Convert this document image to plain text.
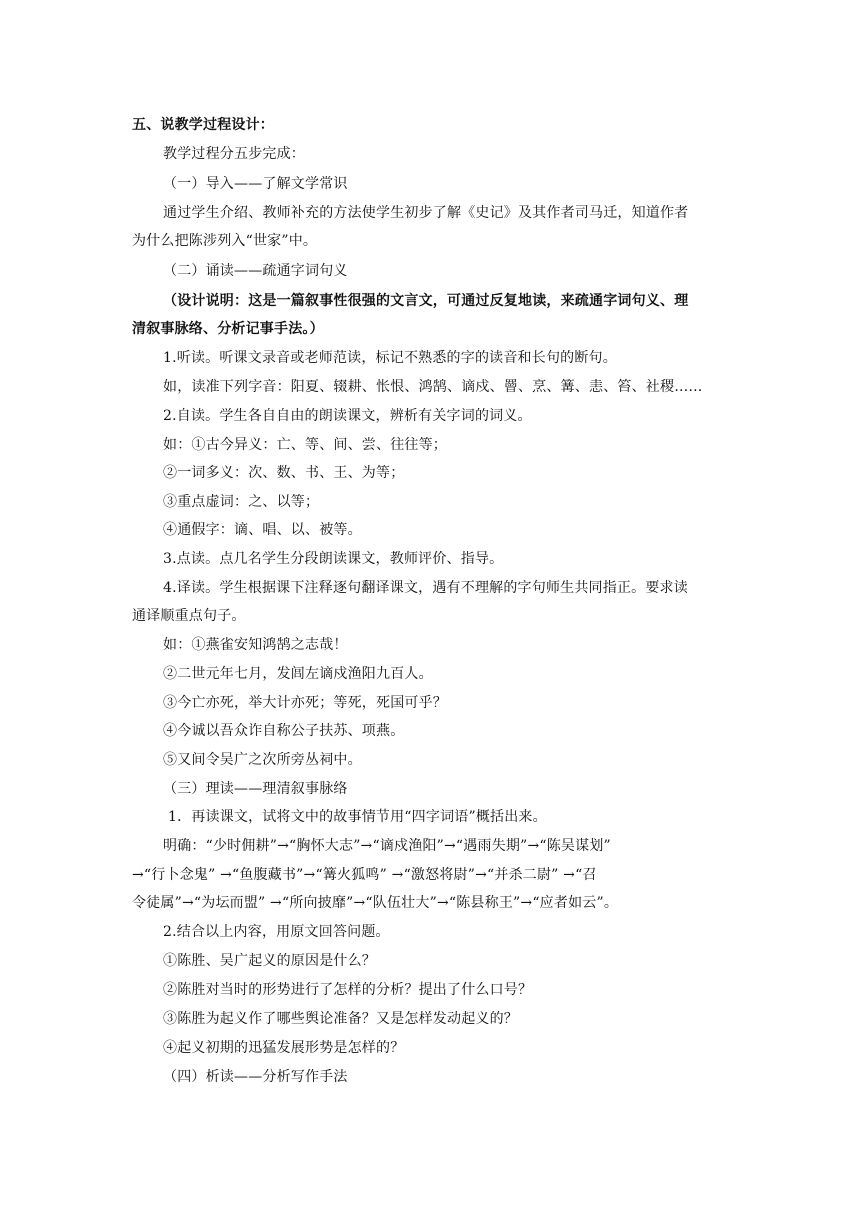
五、说教学过程设计：
教学过程分五步完成：
（一）导入——了解文学常识
通过学生介绍、教师补充的方法使学生初步了解《史记》及其作者司马迁，知道作者
为什么把陈涉列入“世家”中。
（二）诵读——疏通字词句义
（设计说明：这是一篇叙事性很强的文言文，可通过反复地读，来疏通字词句义、理
清叙事脉络、分析记事手法。）
1.听读。听课文录音或老师范读，标记不熟悉的字的读音和长句的断句。
如，读准下列字音：阳夏、辍耕、怅恨、鸿鹄、谪戍、罾、烹、篝、恚、笞、社稷……
2.自读。学生各自自由的朗读课文，辨析有关字词的词义。
如：①古今异义：亡、等、间、尝、往往等；
②一词多义：次、数、书、王、为等；
③重点虚词：之、以等；
④通假字：谪、唱、以、被等。
3.点读。点几名学生分段朗读课文，教师评价、指导。
4.译读。学生根据课下注释逐句翻译课文，遇有不理解的字句师生共同指正。要求读
通译顺重点句子。
如：①燕雀安知鸿鹄之志哉！
②二世元年七月，发闾左谪戍渔阳九百人。
③今亡亦死，举大计亦死；等死，死国可乎？
④今诚以吾众诈自称公子扶苏、项燕。
⑤又间令吴广之次所旁丛祠中。
（三）理读——理清叙事脉络
1．再读课文，试将文中的故事情节用“四字词语”概括出来。
明确：“少时佣耕”→“胸怀大志”→“谪戍渔阳”→“遇雨失期”→“陈吴谋划”
→“行卜念鬼” →“鱼腹藏书”→“篝火狐鸣” →“激怒将尉”→“并杀二尉” →“召
令徒属”→“为坛而盟” →“所向披靡”→“队伍壮大”→“陈县称王”→“应者如云”。
2.结合以上内容，用原文回答问题。
①陈胜、吴广起义的原因是什么？
②陈胜对当时的形势进行了怎样的分析？提出了什么口号？
③陈胜为起义作了哪些舆论准备？又是怎样发动起义的？
④起义初期的迅猛发展形势是怎样的？
（四）析读——分析写作手法
